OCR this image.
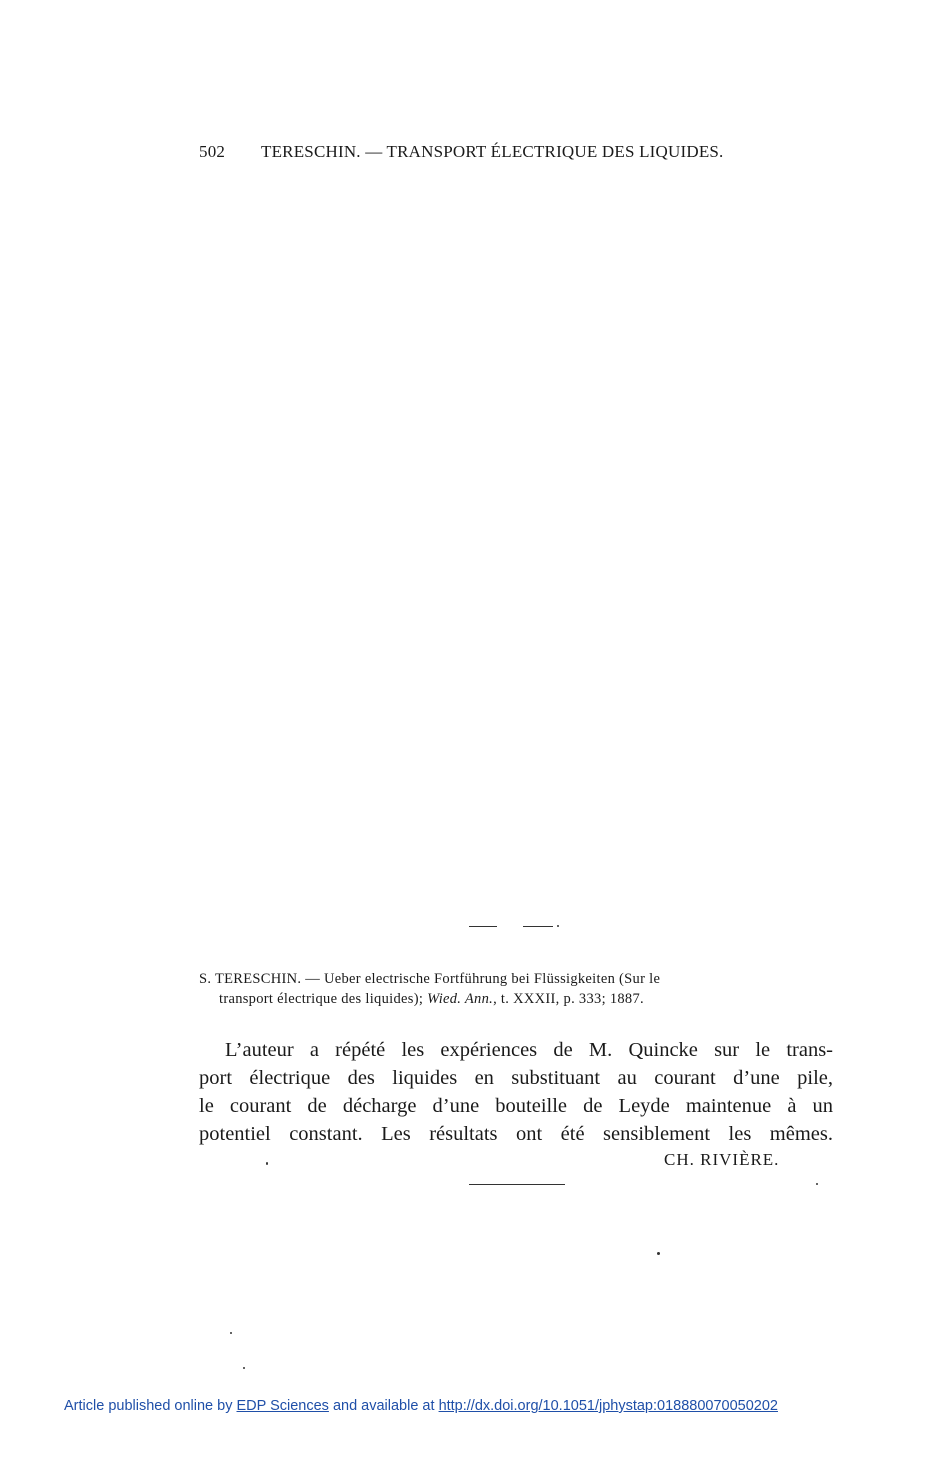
502 TERESCHIN. — TRANSPORT ÉLECTRIQUE DES LIQUIDES.
S. TERESCHIN. — Ueber electrische Fortführung bei Flüssigkeiten (Sur le
transport électrique des liquides); Wied. Ann., t. XXXII, p. 333; 1887.
L’auteur a répété les expériences de M. Quincke sur le trans-
port électrique des liquides en substituant au courant d’une pile,
le courant de décharge d’une bouteille de Leyde maintenue à un
potentiel constant. Les résultats ont été sensiblement les mêmes.
CH. RIVIÈRE.
Article published online by EDP Sciences and available at http://dx.doi.org/10.1051/jphystap:018880070050202
